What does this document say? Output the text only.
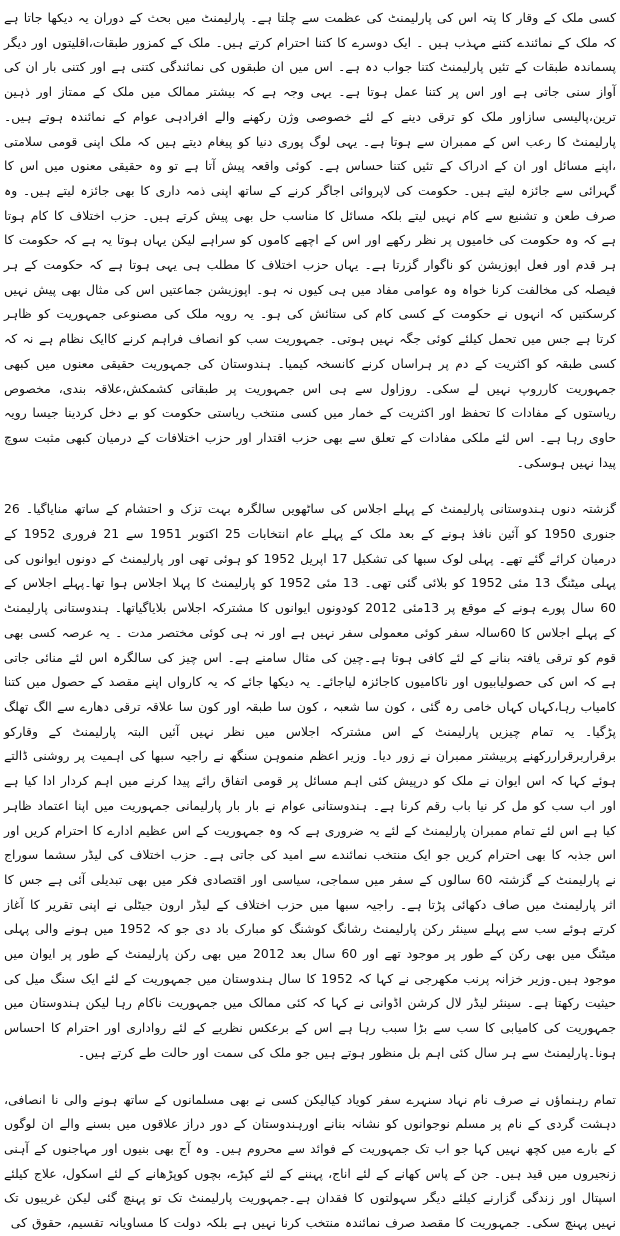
کسی ملک کے وقار کا پتہ اس کی پارلیمنٹ کی عظمت سے چلتا ہے۔ پارلیمنٹ میں بحث کے دوران یہ دیکھا جاتا ہے کہ ملک کے نمائندے کتنے مہذب ہیں ۔ ایک دوسرے کا کتنا احترام کرتے ہیں۔ ملک کے کمزور طبقات،اقلیتوں اور دیگر پسماندہ طبقات کے تئیں پارلیمنٹ کتنا جواب دہ ہے۔ اس میں ان طبقوں کی نمائندگی کتنی ہے اور کتنی بار ان کی آواز سنی جاتی ہے اور اس پر کتنا عمل ہوتا ہے۔ یہی وجہ ہے کہ بیشتر ممالک میں ملک کے ممتاز اور ذہین ترین،پالیسی سازاور ملک کو ترقی دینے کے لئے خصوصی وژن رکھنے والے افرادہی عوام کے نمائندہ ہوتے ہیں۔ پارلیمنٹ کا رعب اس کے ممبران سے ہوتا ہے۔ یہی لوگ پوری دنیا کو پیغام دیتے ہیں کہ ملک اپنی قومی سلامتی ،اپنے مسائل اور ان کے ادراک کے تئیں کتنا حساس ہے۔ کوئی واقعہ پیش آتا ہے تو وہ حقیقی معنوں میں اس کا گہرائی سے جائزہ لیتے ہیں۔ حکومت کی لاپروائی اجاگر کرنے کے ساتھ اپنی ذمہ داری کا بھی جائزہ لیتے ہیں۔ وہ صرف طعن و تشنیع سے کام نہیں لیتے بلکہ مسائل کا مناسب حل بھی پیش کرتے ہیں۔ حزب اختلاف کا کام ہوتا ہے کہ وہ حکومت کی خامیوں پر نظر رکھے اور اس کے اچھے کاموں کو سراہے لیکن یہاں ہوتا یہ ہے کہ حکومت کا ہر قدم اور فعل اپوزیشن کو ناگوار گزرتا ہے۔ یہاں حزب اختلاف کا مطلب ہی یہی ہوتا ہے کہ حکومت کے ہر فیصلہ کی مخالفت کرنا خواہ وہ عوامی مفاد میں ہی کیوں نہ ہو۔ اپوزیشن جماعتیں اس کی مثال بھی پیش نہیں کرسکتیں کہ انہوں نے حکومت کے کسی کام کی ستائش کی ہو۔ یہ رویہ ملک کی مصنوعی جمہوریت کو ظاہر کرتا ہے جس میں تحمل کیلئے کوئی جگہ نہیں ہوتی۔ جمہوریت سب کو انصاف فراہم کرنے کاایک نظام ہے نہ کہ کسی طبقہ کو اکثریت کے دم پر ہراساں کرنے کانسخہ کیمیا۔ ہندوستان کی جمہوریت حقیقی معنوں میں کبھی جمہوریت کارروپ نہیں لے سکی۔ روزاول سے ہی اس جمہوریت پر طبقاتی کشمکش،علاقہ بندی، مخصوص ریاستوں کے مفادات کا تحفظ اور اکثریت کے خمار میں کسی منتخب ریاستی حکومت کو بے دخل کردینا جیسا رویہ حاوی رہا ہے۔ اس لئے ملکی مفادات کے تعلق سے بھی حزب اقتدار اور حزب اختلافات کے درمیان کبھی مثبت سوچ پیدا نہیں ہوسکی۔

گزشتہ دنوں ہندوستانی پارلیمنٹ کے پہلے اجلاس کی ساٹھویں سالگرہ بہت تزک و احتشام کے ساتھ منایاگیا۔ 26 جنوری 1950 کو آئین نافذ ہونے کے بعد ملک کے پہلے عام انتخابات 25 اکتوبر 1951 سے 21 فروری 1952 کے درمیان کرائے گئے تھے۔ پہلی لوک سبھا کی تشکیل 17 اپریل 1952 کو ہوئی تھی اور پارلیمنٹ کے دونوں ایوانوں کی پہلی میٹنگ 13 مئی 1952 کو بلائی گئی تھی۔ 13 مئی 1952 کو پارلیمنٹ کا پہلا اجلاس ہوا تھا۔پہلے اجلاس کے 60 سال پورے ہونے کے موقع پر 13مئی 2012 کودونوں ایوانوں کا مشترکہ اجلاس بلایاگیاتھا۔ ہندوستانی پارلیمنٹ کے پہلے اجلاس کا 60سالہ سفر کوئی معمولی سفر نہیں ہے اور نہ ہی کوئی مختصر مدت ۔ یہ عرصہ کسی بھی قوم کو ترقی یافتہ بنانے کے لئے کافی ہوتا ہے۔چین کی مثال سامنے ہے۔ اس چیز کی سالگرہ اس لئے منائی جاتی ہے کہ اس کی حصولیابیوں اور ناکامیوں کاجائزہ لیاجائے۔ یہ دیکھا جائے کہ یہ کارواں اپنے مقصد کے حصول میں کتنا کامیاب رہا،کہاں کہاں خامی رہ گئی ، کون سا شعبہ ، کون سا طبقہ اور کون سا علاقہ ترقی دھارے سے الگ تھلگ پڑگیا۔ یہ تمام چیزیں پارلیمنٹ کے اس مشترکہ اجلاس میں نظر نہیں آئیں البتہ پارلیمنٹ کے وقارکو برقراربرقراررکھنے پربیشتر ممبران نے زور دیا۔ وزیر اعظم منموہن سنگھ نے راجیہ سبھا کی اہمیت پر روشنی ڈالتے ہوئے کہا کہ اس ایوان نے ملک کو درپیش کئی اہم مسائل پر قومی اتفاق رائے پیدا کرنے میں اہم کردار ادا کیا ہے اور اب سب کو مل کر نیا باب رقم کرنا ہے۔ ہندوستانی عوام نے بار بار پارلیمانی جمہوریت میں اپنا اعتماد ظاہر کیا ہے اس لئے تمام ممبران پارلیمنٹ کے لئے یہ ضروری ہے کہ وہ جمہوریت کے اس عظیم ادارے کا احترام کریں اور اس جذبہ کا بھی احترام کریں جو ایک منتخب نمائندے سے امید کی جاتی ہے۔ حزب اختلاف کی لیڈر سشما سوراج نے پارلیمنٹ کے گزشتہ 60 سالوں کے سفر میں سماجی، سیاسی اور اقتصادی فکر میں بھی تبدیلی آئی ہے جس کا اثر پارلیمنٹ میں صاف دکھائی پڑتا ہے۔ راجیہ سبھا میں حزب اختلاف کے لیڈر ارون جیٹلی نے اپنی تقریر کا آغاز کرتے ہوئے سب سے پہلے سینئر رکن پارلیمنٹ رشانگ کوشنگ کو مبارک باد دی جو کہ 1952 میں ہونے والی پہلی میٹنگ میں بھی رکن کے طور پر موجود تھے اور 60 سال بعد 2012 میں بھی رکن پارلیمنٹ کے طور پر ایوان میں موجود ہیں۔وزیر خزانہ پرنب مکھرجی نے کہا کہ 1952 کا سال ہندوستان میں جمہوریت کے لئے ایک سنگ میل کی حیثیت رکھتا ہے۔ سینئر لیڈر لال کرشن اڈوانی نے کہا کہ کئی ممالک میں جمہوریت ناکام رہا لیکن ہندوستان میں جمہوریت کی کامیابی کا سب سے بڑا سبب رہا ہے اس کے برعکس نظریے کے لئے رواداری اور احترام کا احساس ہونا۔پارلیمنٹ سے ہر سال کئی اہم بل منظور ہوتے ہیں جو ملک کی سمت اور حالت طے کرتے ہیں۔

تمام رہنماؤں نے صرف نام نہاد سنہرے سفر کویاد کیالیکن کسی نے بھی مسلمانوں کے ساتھ ہونے والی نا انصافی، دہشت گردی کے نام پر مسلم نوجوانوں کو نشانہ بنانے اورہندوستان کے دور دراز علاقوں میں بسنے والے ان لوگوں کے بارے میں کچھ نہیں کہا جو اب تک جمہوریت کے فوائد سے محروم ہیں۔ وہ آج بھی بنیوں اور مہاجنوں کے آہنی زنجیروں میں قید ہیں۔ جن کے پاس کھانے کے لئے اناج، پہننے کے لئے کپڑے، بچوں کوپڑھانے کے لئے اسکول، علاج کیلئے اسپتال اور زندگی گزارنے کیلئے دیگر سہولتوں کا فقدان ہے۔جمہوریت پارلیمنٹ تک تو پہنچ گئی لیکن غریبوں تک نہیں پہنچ سکی۔ جمہوریت کا مقصد صرف نمائندہ منتخب کرنا نہیں ہے بلکہ دولت کا مساویانہ تقسیم، حقوق کی
